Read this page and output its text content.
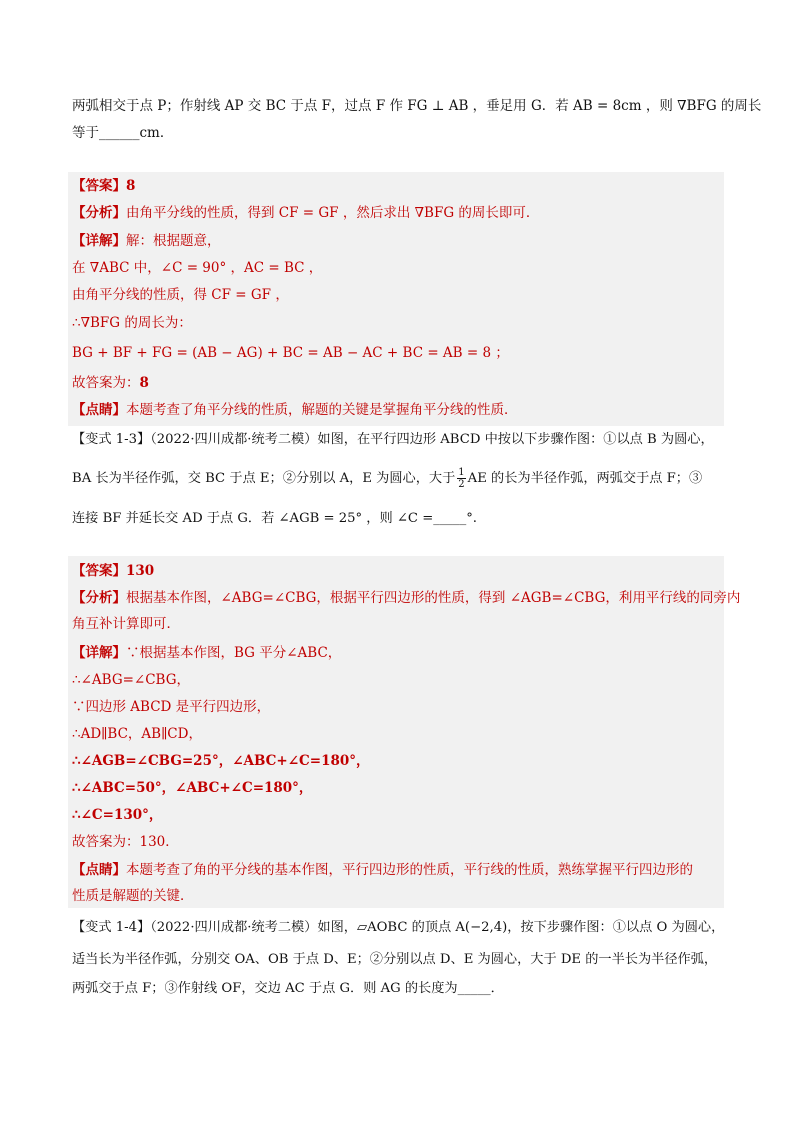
两弧相交于点 P；作射线 AP 交 BC 于点 F，过点 F 作 FG ⊥ AB ，垂足用 G．若 AB = 8cm ，则 ∇BFG 的周长
等于______cm．
【答案】8
【分析】由角平分线的性质，得到 CF = GF ，然后求出 ∇BFG 的周长即可．
【详解】解：根据题意，
在 ∇ABC 中，∠C = 90° ，AC = BC ，
由角平分线的性质，得 CF = GF ，
∴∇BFG 的周长为：
BG + BF + FG = (AB − AG) + BC = AB − AC + BC = AB = 8 ；
故答案为：8
【点睛】本题考查了角平分线的性质，解题的关键是掌握角平分线的性质．
【变式 1-3】（2022·四川成都·统考二模）如图，在平行四边形 ABCD 中按以下步骤作图：①以点 B 为圆心，
BA 长为半径作弧，交 BC 于点 E；②分别以 A，E 为圆心，大于 $\frac{1}{2}$ AE 的长为半径作弧，两弧交于点 F；③
连接 BF 并延长交 AD 于点 G．若 ∠AGB = 25° ，则 ∠C =_____°.
【答案】130
【分析】根据基本作图，∠ABG=∠CBG，根据平行四边形的性质，得到 ∠AGB=∠CBG，利用平行线的同旁内
角互补计算即可．
【详解】∵根据基本作图，BG 平分∠ABC，
∴∠ABG=∠CBG，
∵四边形 ABCD 是平行四边形，
∴AD∥BC，AB∥CD，
∴∠AGB=∠CBG=25°，∠ABC+∠C=180°，
∴∠ABC=50°，∠ABC+∠C=180°，
∴∠C=130°，
故答案为：130．
【点睛】本题考查了角的平分线的基本作图，平行四边形的性质，平行线的性质，熟练掌握平行四边形的
性质是解题的关键．
【变式 1-4】（2022·四川成都·统考二模）如图，▱AOBC 的顶点 A(−2,4)，按下步骤作图：①以点 O 为圆心，
适当长为半径作弧，分别交 OA、OB 于点 D、E；②分别以点 D、E 为圆心，大于 DE 的一半长为半径作弧，
两弧交于点 F；③作射线 OF，交边 AC 于点 G．则 AG 的长度为_____．
